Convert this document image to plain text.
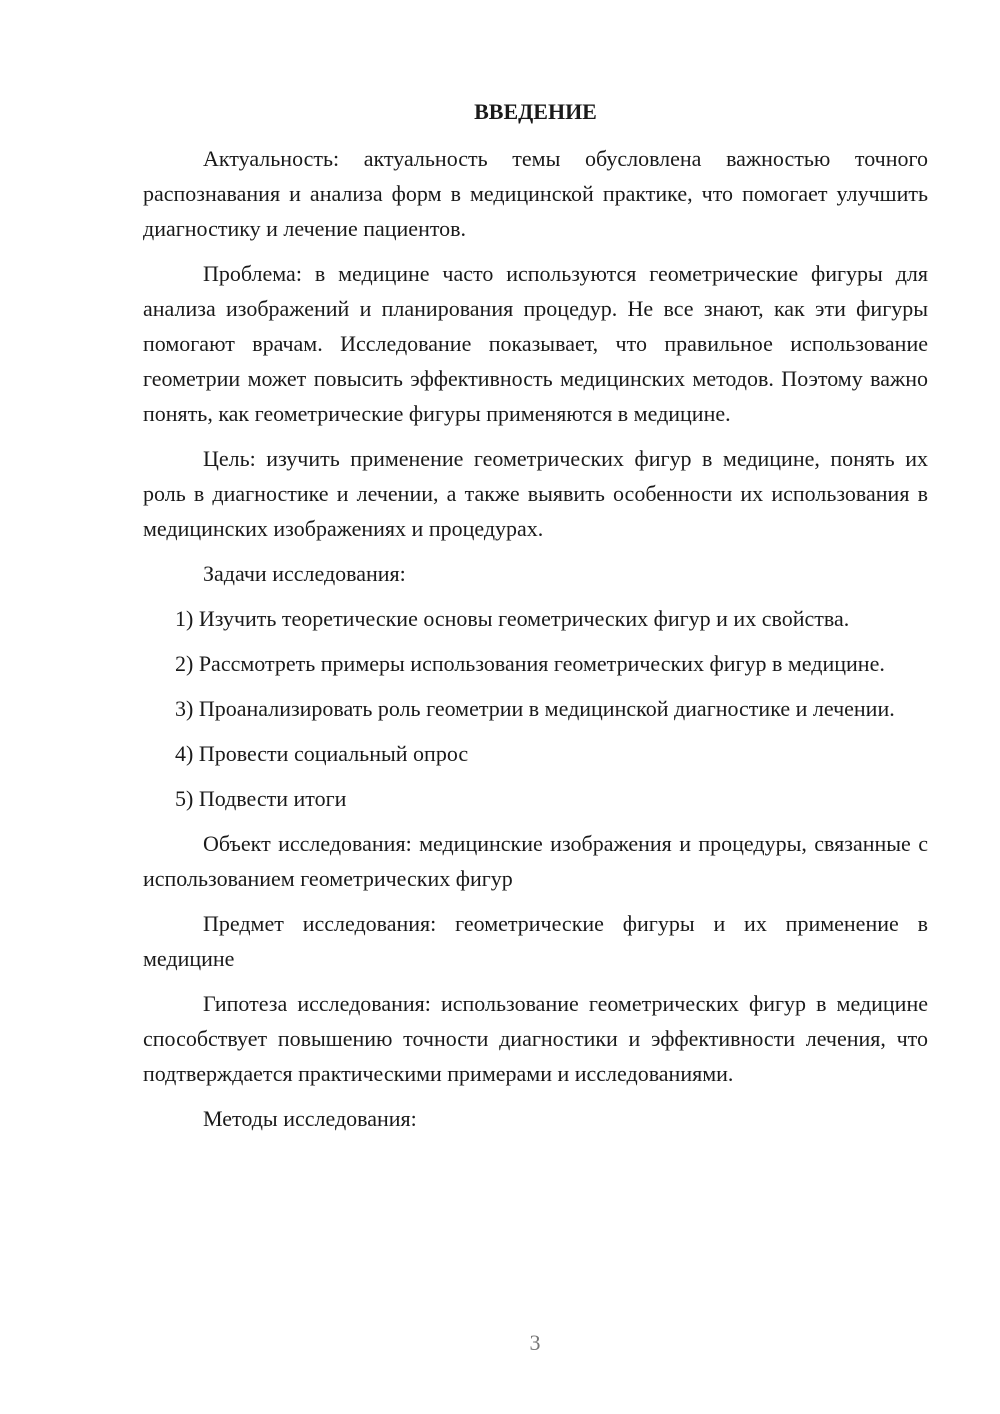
ВВЕДЕНИЕ

Актуальность: актуальность темы обусловлена важностью точного распознавания и анализа форм в медицинской практике, что помогает улучшить диагностику и лечение пациентов.

Проблема: в медицине часто используются геометрические фигуры для анализа изображений и планирования процедур. Не все знают, как эти фигуры помогают врачам. Исследование показывает, что правильное использование геометрии может повысить эффективность медицинских методов. Поэтому важно понять, как геометрические фигуры применяются в медицине.

Цель: изучить применение геометрических фигур в медицине, понять их роль в диагностике и лечении, а также выявить особенности их использования в медицинских изображениях и процедурах.

Задачи исследования:

1) Изучить теоретические основы геометрических фигур и их свойства.

2) Рассмотреть примеры использования геометрических фигур в медицине.

3) Проанализировать роль геометрии в медицинской диагностике и лечении.

4) Провести социальный опрос

5) Подвести итоги

Объект исследования: медицинские изображения и процедуры, связанные с использованием геометрических фигур

Предмет исследования: геометрические фигуры и их применение в медицине

Гипотеза исследования: использование геометрических фигур в медицине способствует повышению точности диагностики и эффективности лечения, что подтверждается практическими примерами и исследованиями.

Методы исследования:

3
